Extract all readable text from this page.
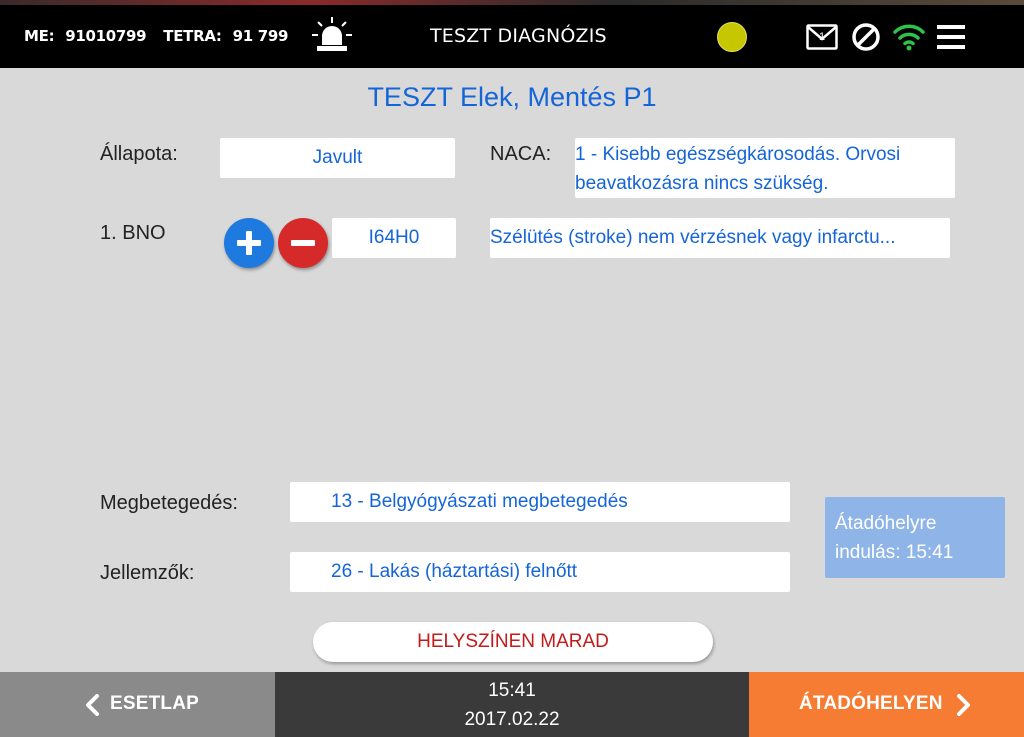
ME: 91010799 TETRA: 91 799	TESZT DIAGNÓZIS	1
TESZT Elek, Mentés P1
Állapota:	Javult	NACA: 1 - Kisebb egészségkárosodás. Orvosi
beavatkozásra nincs szükség.
1. BNO	I64H0	Szélütés (stroke) nem vérzésnek vagy infarctu...
Megbetegedés:	13 - Belgyógyászati megbetegedés
Jellemzők:	26 - Lakás (háztartási) felnőtt
Átadóhelyre
indulás: 15:41
HELYSZÍNEN MARAD
ESETLAP
15:41
2017.02.22
ÁTADÓHELYEN
